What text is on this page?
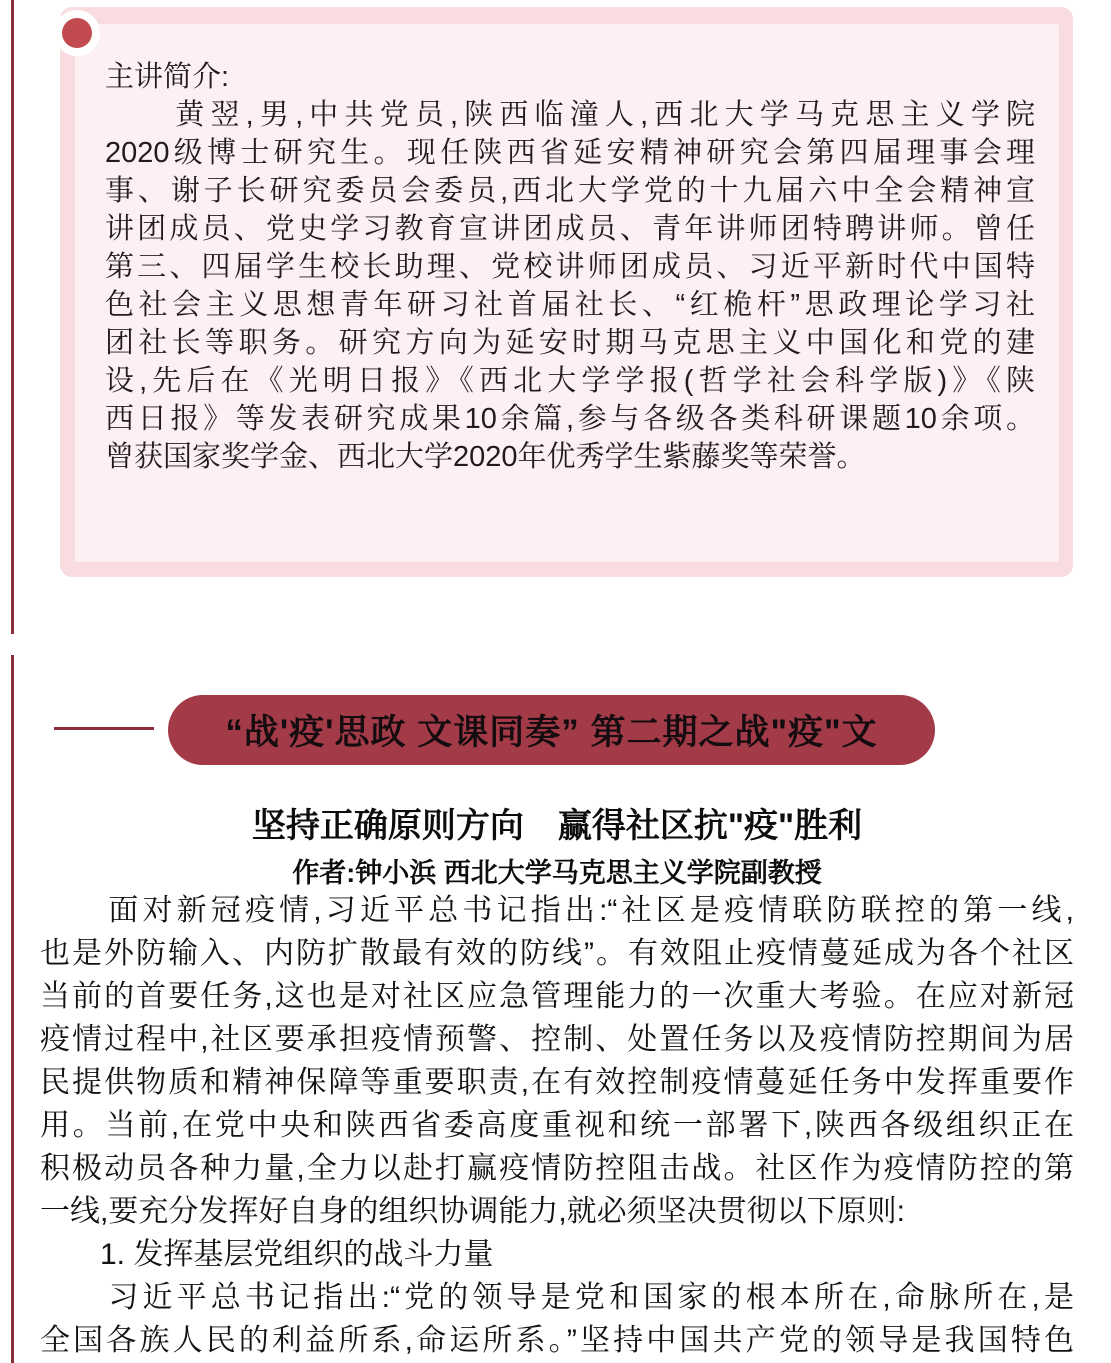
主讲简介:
　　黄翌,男,中共党员,陕西临潼人,西北大学马克思主义学院
2020级博士研究生。现任陕西省延安精神研究会第四届理事会理
事、谢子长研究委员会委员,西北大学党的十九届六中全会精神宣
讲团成员、党史学习教育宣讲团成员、青年讲师团特聘讲师。曾任
第三、四届学生校长助理、党校讲师团成员、习近平新时代中国特
色社会主义思想青年研习社首届社长、“红桅杆”思政理论学习社
团社长等职务。研究方向为延安时期马克思主义中国化和党的建
设,先后在《光明日报》《西北大学学报(哲学社会科学版)》《陕
西日报》等发表研究成果10余篇,参与各级各类科研课题10余项。
曾获国家奖学金、西北大学2020年优秀学生紫藤奖等荣誉。
“战'疫'思政 文课同奏” 第二期之战"疫"文
坚持正确原则方向　赢得社区抗"疫"胜利
作者:钟小浜 西北大学马克思主义学院副教授
　　面对新冠疫情,习近平总书记指出:“社区是疫情联防联控的第一线,
也是外防输入、内防扩散最有效的防线”。有效阻止疫情蔓延成为各个社区
当前的首要任务,这也是对社区应急管理能力的一次重大考验。在应对新冠
疫情过程中,社区要承担疫情预警、控制、处置任务以及疫情防控期间为居
民提供物质和精神保障等重要职责,在有效控制疫情蔓延任务中发挥重要作
用。当前,在党中央和陕西省委高度重视和统一部署下,陕西各级组织正在
积极动员各种力量,全力以赴打赢疫情防控阻击战。社区作为疫情防控的第
一线,要充分发挥好自身的组织协调能力,就必须坚决贯彻以下原则:
　　1. 发挥基层党组织的战斗力量
　　习近平总书记指出:“党的领导是党和国家的根本所在,命脉所在,是
全国各族人民的利益所系,命运所系。”坚持中国共产党的领导是我国特色
